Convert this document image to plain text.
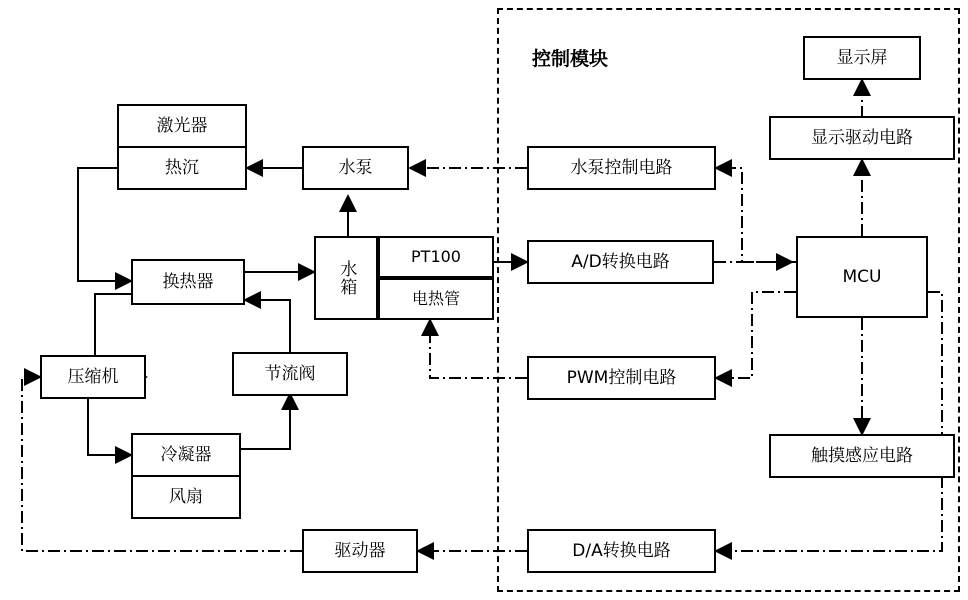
控制模块
激光器
热沉	水泵	水泵控制电路
显示屏
显示驱动电路
换热器	水箱
PT100
电热管
A/D转换电路
MCU
压缩机	节流阀	PWM控制电路
冷凝器
风扇
触摸感应电路
驱动器	D/A转换电路
